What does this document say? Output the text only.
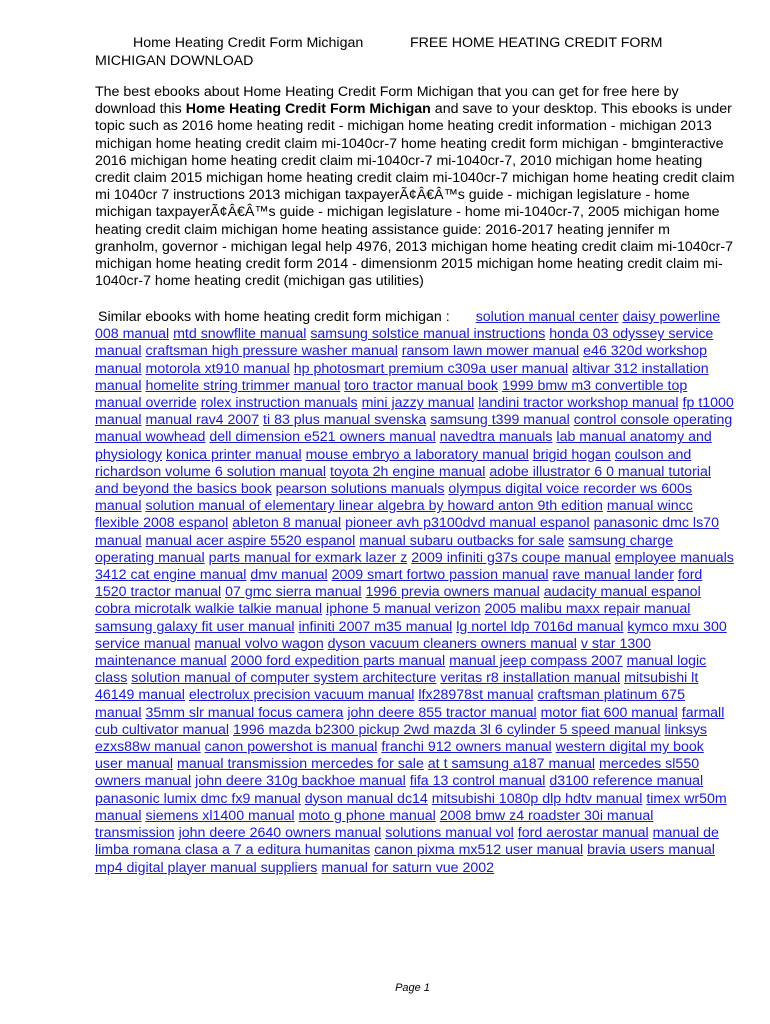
Home Heating Credit Form Michigan	FREE HOME HEATING CREDIT FORM
MICHIGAN DOWNLOAD
The best ebooks about Home Heating Credit Form Michigan that you can get for free here by download this Home Heating Credit Form Michigan and save to your desktop. This ebooks is under topic such as 2016 home heating redit - michigan home heating credit information - michigan 2013 michigan home heating credit claim mi-1040cr-7 home heating credit form michigan - bmginteractive 2016 michigan home heating credit claim mi-1040cr-7 mi-1040cr-7, 2010 michigan home heating credit claim 2015 michigan home heating credit claim mi-1040cr-7 michigan home heating credit claim mi 1040cr 7 instructions 2013 michigan taxpayerÃ¢Â€Â™s guide - michigan legislature - home michigan taxpayerÃ¢Â€Â™s guide - michigan legislature - home mi-1040cr-7, 2005 michigan home heating credit claim michigan home heating assistance guide: 2016-2017 heating jennifer m granholm, governor - michigan legal help 4976, 2013 michigan home heating credit claim mi-1040cr-7 michigan home heating credit form 2014 - dimensionm 2015 michigan home heating credit claim mi-1040cr-7 home heating credit (michigan gas utilities)
Similar ebooks with home heating credit form michigan : solution manual center daisy powerline 008 manual mtd snowflite manual samsung solstice manual instructions honda 03 odyssey service manual craftsman high pressure washer manual ransom lawn mower manual e46 320d workshop manual motorola xt910 manual hp photosmart premium c309a user manual altivar 312 installation manual homelite string trimmer manual toro tractor manual book 1999 bmw m3 convertible top manual override rolex instruction manuals mini jazzy manual landini tractor workshop manual fp t1000 manual manual rav4 2007 ti 83 plus manual svenska samsung t399 manual control console operating manual wowhead dell dimension e521 owners manual navedtra manuals lab manual anatomy and physiology konica printer manual mouse embryo a laboratory manual brigid hogan coulson and richardson volume 6 solution manual toyota 2h engine manual adobe illustrator 6 0 manual tutorial and beyond the basics book pearson solutions manuals olympus digital voice recorder ws 600s manual solution manual of elementary linear algebra by howard anton 9th edition manual wincc flexible 2008 espanol ableton 8 manual pioneer avh p3100dvd manual espanol panasonic dmc ls70 manual manual acer aspire 5520 espanol manual subaru outbacks for sale samsung charge operating manual parts manual for exmark lazer z 2009 infiniti g37s coupe manual employee manuals 3412 cat engine manual dmv manual 2009 smart fortwo passion manual rave manual lander ford 1520 tractor manual 07 gmc sierra manual 1996 previa owners manual audacity manual espanol cobra microtalk walkie talkie manual iphone 5 manual verizon 2005 malibu maxx repair manual samsung galaxy fit user manual infiniti 2007 m35 manual lg nortel ldp 7016d manual kymco mxu 300 service manual manual volvo wagon dyson vacuum cleaners owners manual v star 1300 maintenance manual 2000 ford expedition parts manual manual jeep compass 2007 manual logic class solution manual of computer system architecture veritas r8 installation manual mitsubishi lt 46149 manual electrolux precision vacuum manual lfx28978st manual craftsman platinum 675 manual 35mm slr manual focus camera john deere 855 tractor manual motor fiat 600 manual farmall cub cultivator manual 1996 mazda b2300 pickup 2wd mazda 3l 6 cylinder 5 speed manual linksys ezxs88w manual canon powershot is manual franchi 912 owners manual western digital my book user manual manual transmission mercedes for sale at t samsung a187 manual mercedes sl550 owners manual john deere 310g backhoe manual fifa 13 control manual d3100 reference manual panasonic lumix dmc fx9 manual dyson manual dc14 mitsubishi 1080p dlp hdtv manual timex wr50m manual siemens xl1400 manual moto g phone manual 2008 bmw z4 roadster 30i manual transmission john deere 2640 owners manual solutions manual vol ford aerostar manual manual de limba romana clasa a 7 a editura humanitas canon pixma mx512 user manual bravia users manual mp4 digital player manual suppliers manual for saturn vue 2002
Page 1
